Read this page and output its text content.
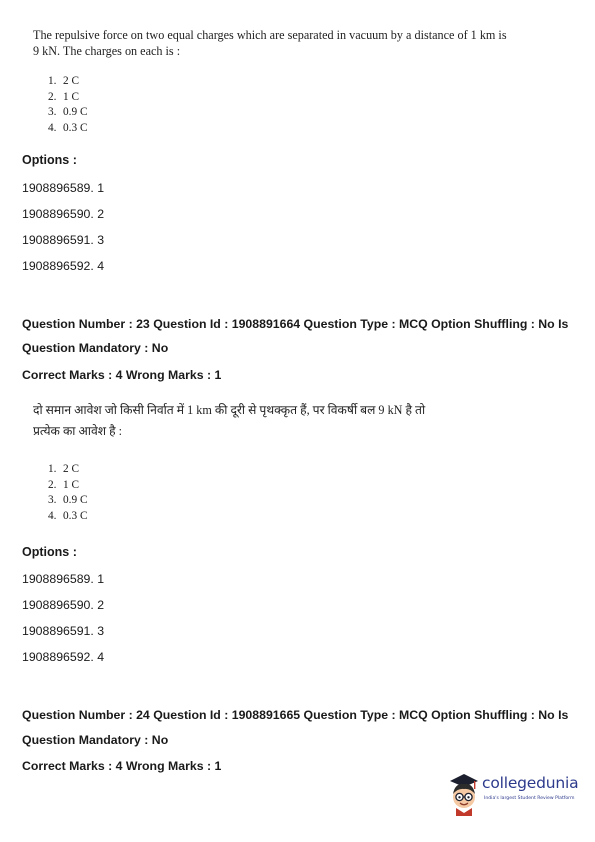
The repulsive force on two equal charges which are separated in vacuum by a distance of 1 km is
9 kN. The charges on each is :
1. 2 C
2. 1 C
3. 0.9 C
4. 0.3 C
Options :
1908896589. 1
1908896590. 2
1908896591. 3
1908896592. 4
Question Number : 23 Question Id : 1908891664 Question Type : MCQ Option Shuffling : No Is
Question Mandatory : No
Correct Marks : 4 Wrong Marks : 1
दो समान आवेश जो किसी निर्वात में 1 km की दूरी से पृथक्कृत हैं, पर विकर्षी बल 9 kN है तो
प्रत्येक का आवेश है :
1. 2 C
2. 1 C
3. 0.9 C
4. 0.3 C
Options :
1908896589. 1
1908896590. 2
1908896591. 3
1908896592. 4
Question Number : 24 Question Id : 1908891665 Question Type : MCQ Option Shuffling : No Is
Question Mandatory : No
Correct Marks : 4 Wrong Marks : 1
collegedunia
India's largest Student Review Platform
